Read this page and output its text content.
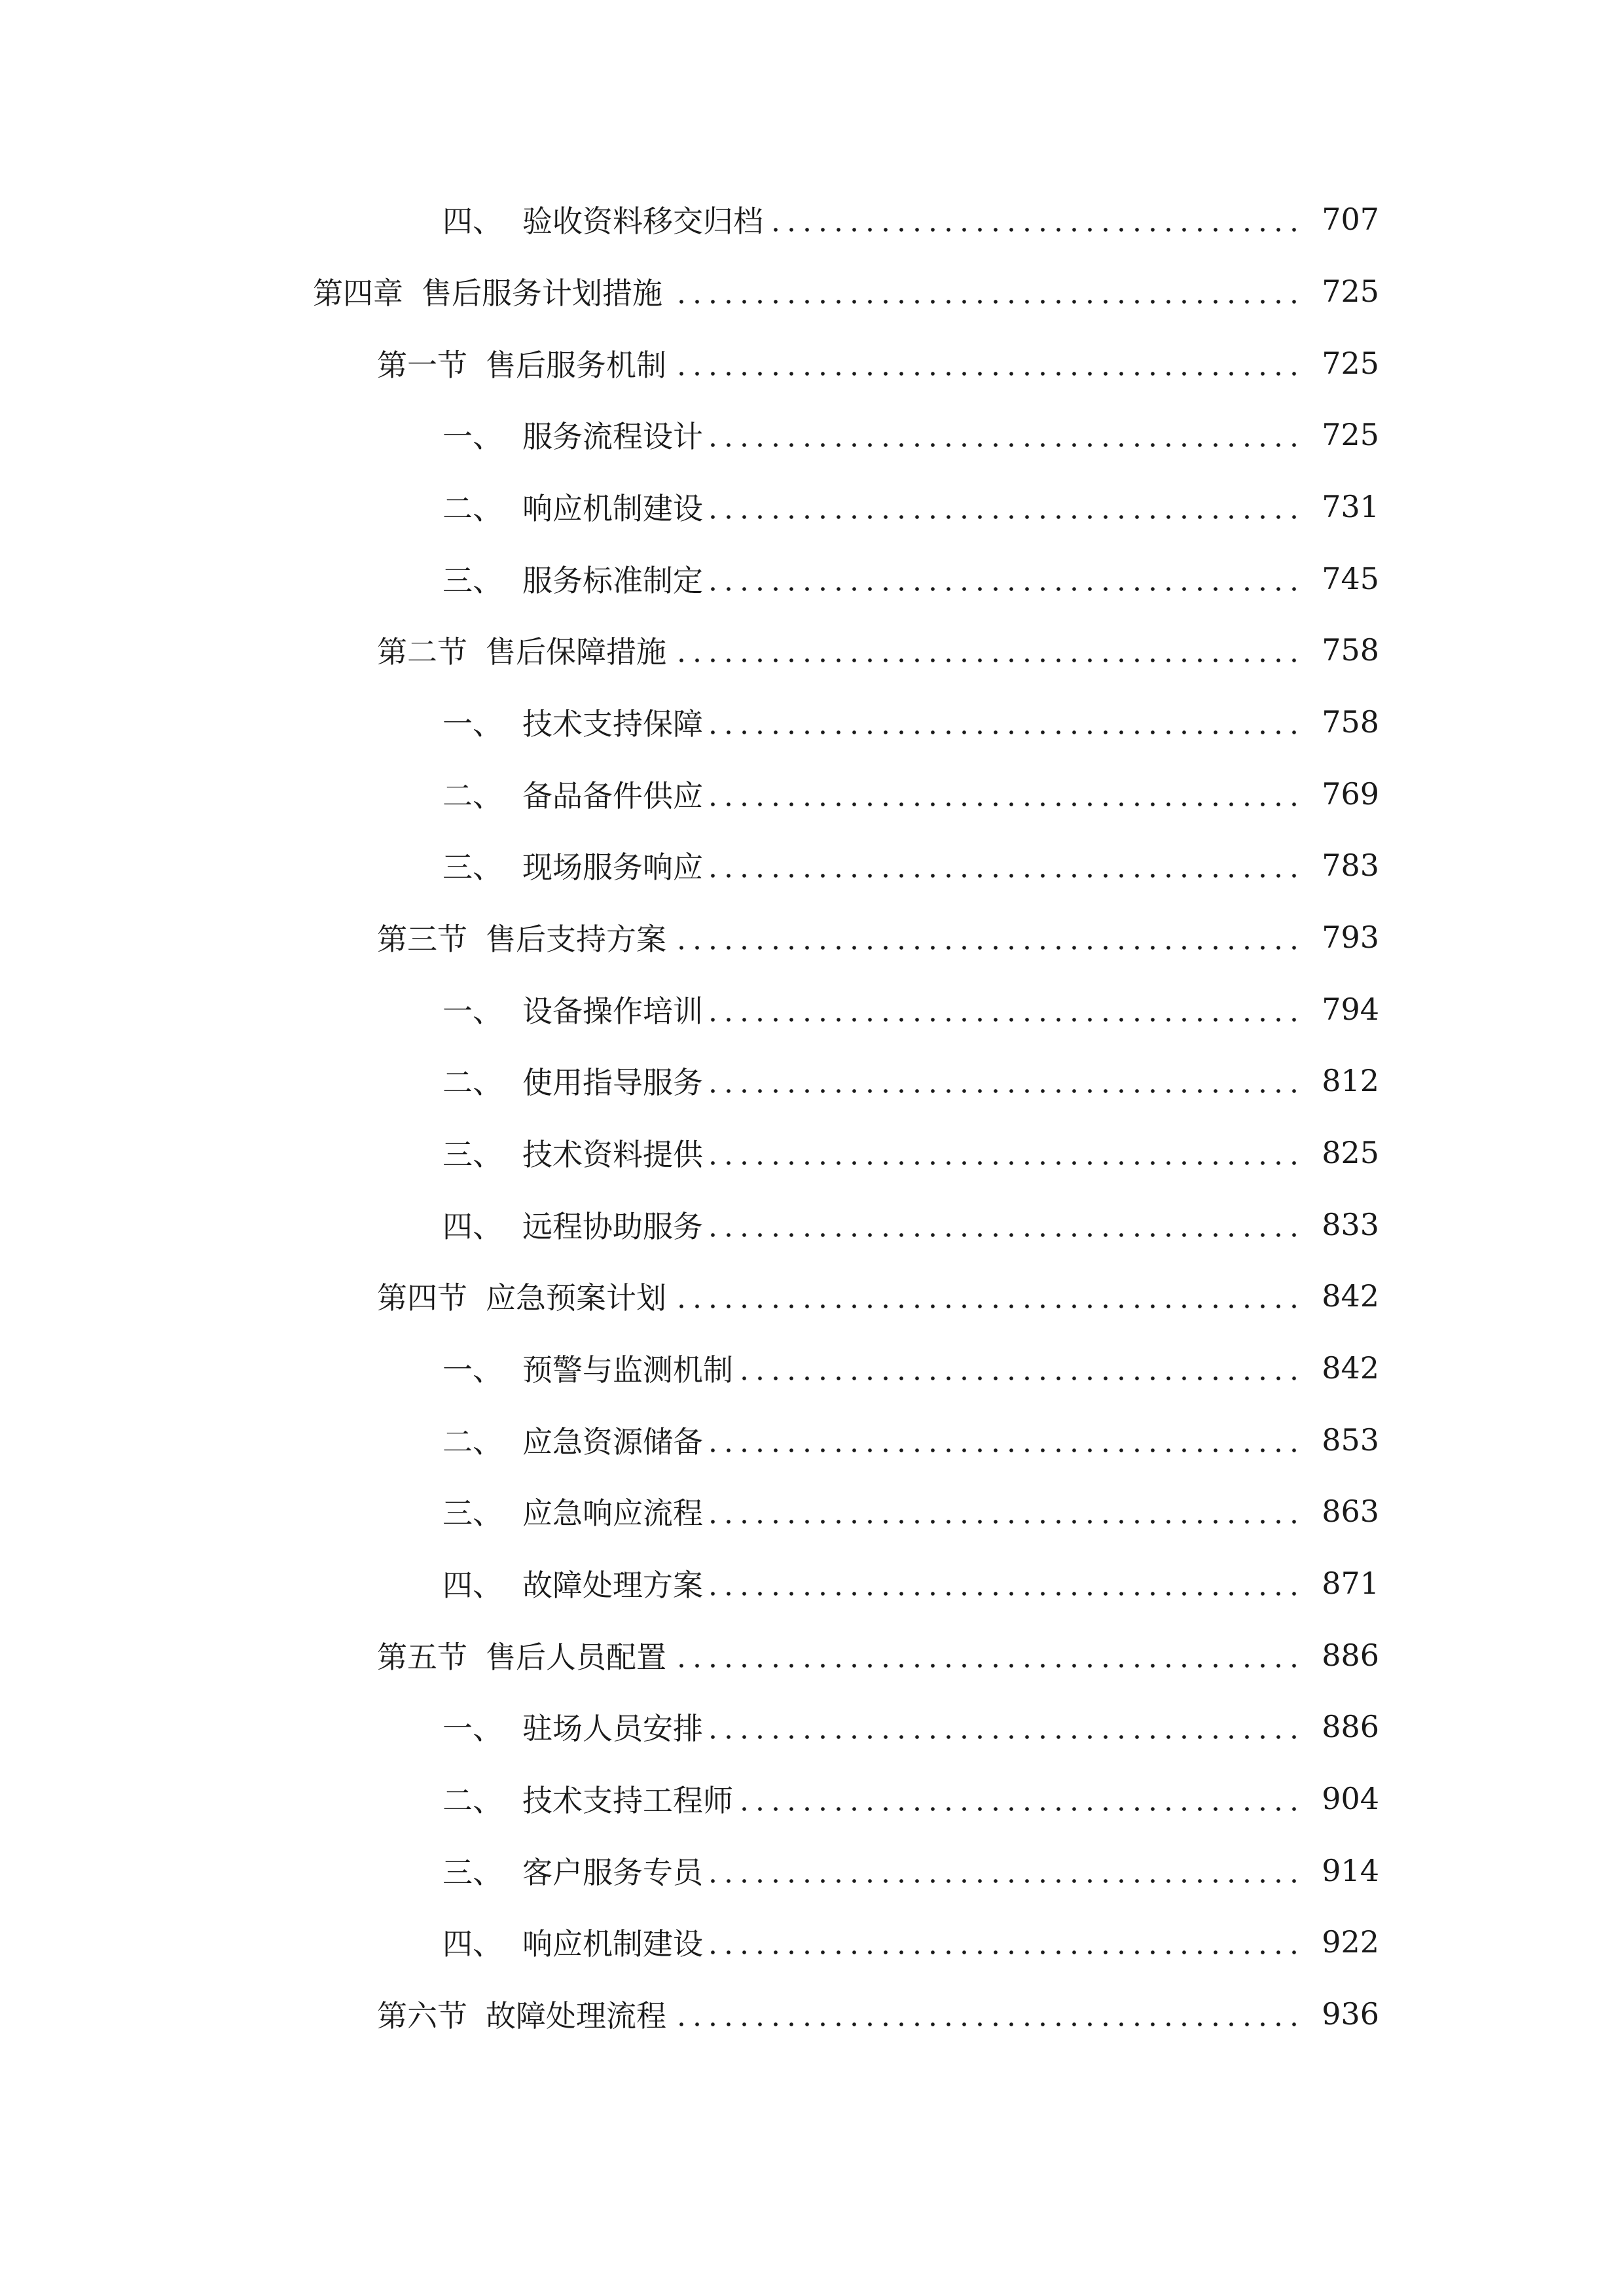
四、 验收资料移交归档	707
第四章 售后服务计划措施	725
第一节 售后服务机制	725
一、 服务流程设计	725
二、 响应机制建设	731
三、 服务标准制定	745
第二节 售后保障措施	758
一、 技术支持保障	758
二、 备品备件供应	769
三、 现场服务响应	783
第三节 售后支持方案	793
一、 设备操作培训	794
二、 使用指导服务	812
三、 技术资料提供	825
四、 远程协助服务	833
第四节 应急预案计划	842
一、 预警与监测机制	842
二、 应急资源储备	853
三、 应急响应流程	863
四、 故障处理方案	871
第五节 售后人员配置	886
一、 驻场人员安排	886
二、 技术支持工程师	904
三、 客户服务专员	914
四、 响应机制建设	922
第六节 故障处理流程	936
